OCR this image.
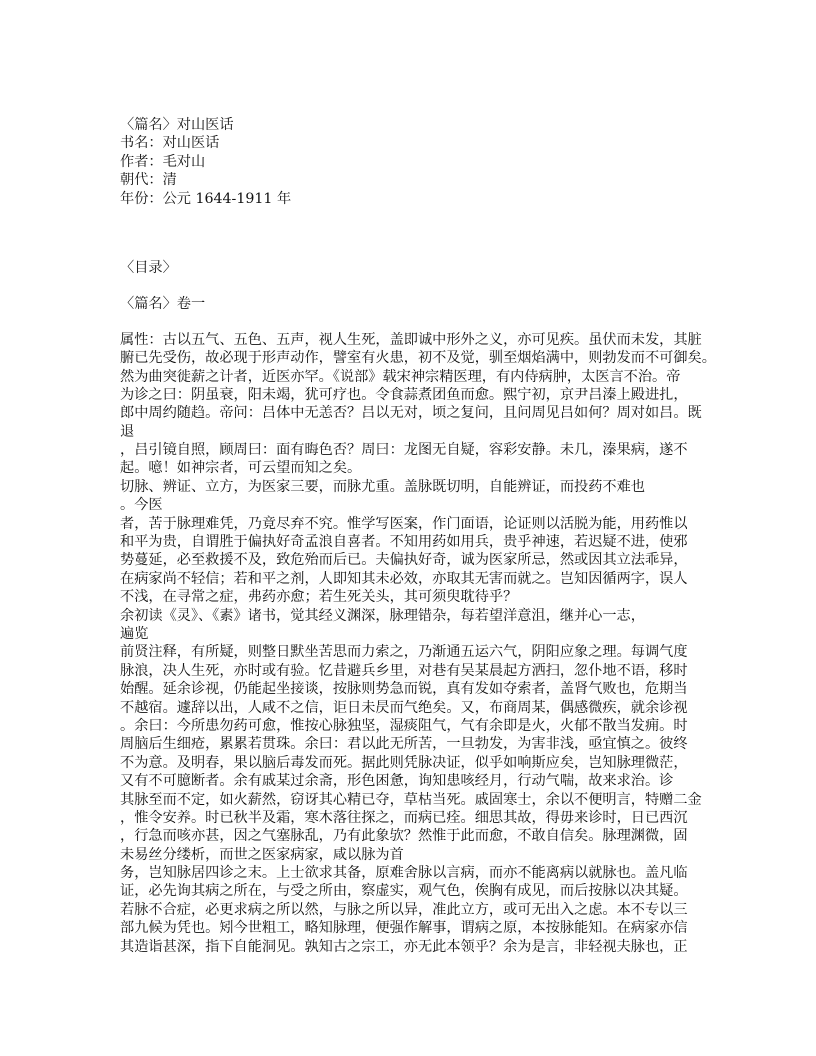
〈篇名〉对山医话
书名：对山医话
作者：毛对山
朝代：清
年份：公元 1644-1911 年
〈目录〉
〈篇名〉卷一
属性：古以五气、五色、五声，视人生死，盖即诚中形外之义，亦可见疾。虽伏而未发，其脏
腑已先受伤，故必现于形声动作，譬室有火患，初不及觉，驯至烟焰满中，则勃发而不可御矣。
然为曲突徙薪之计者，近医亦罕。《说部》载宋神宗精医理，有内侍病肿，太医言不治。帝
为诊之曰：阴虽衰，阳未竭，犹可疗也。令食蒜煮团鱼而愈。熙宁初，京尹吕溱上殿进扎，
郎中周约随趋。帝问：吕体中无恙否？吕以无对，顷之复问，且问周见吕如何？周对如吕。既
退
，吕引镜自照，顾周曰：面有晦色否？周曰：龙图无自疑，容彩安静。未几，溱果病，遂不
起。噫！如神宗者，可云望而知之矣。
切脉、辨证、立方，为医家三要，而脉尤重。盖脉既切明，自能辨证，而投药不难也
。今医
者，苦于脉理难凭，乃竟尽弃不究。惟学写医案，作门面语，论证则以活脱为能，用药惟以
和平为贵，自谓胜于偏执好奇孟浪自喜者。不知用药如用兵，贵乎神速，若迟疑不进，使邪
势蔓延，必至救援不及，致危殆而后已。夫偏执好奇，诚为医家所忌，然或因其立法乖异，
在病家尚不轻信；若和平之剂，人即知其未必效，亦取其无害而就之。岂知因循两字，误人
不浅，在寻常之症，弗药亦愈；若生死关头，其可须臾耽待乎？
余初读《灵》、《素》诸书，觉其经义渊深，脉理错杂，每若望洋意沮，继并心一志，
遍览
前贤注释，有所疑，则整日默坐苦思而力索之，乃渐通五运六气，阴阳应象之理。每调气度
脉浪，决人生死，亦时或有验。忆昔避兵乡里，对巷有吴某晨起方洒扫，忽仆地不语，移时
始醒。延余诊视，仍能起坐接谈，按脉则势急而锐，真有发如夺索者，盖肾气败也，危期当
不越宿。遽辞以出，人咸不之信，讵日未昃而气绝矣。又，布商周某，偶感微疾，就余诊视
。余曰：今所患勿药可愈，惟按心脉独坚，湿痰阻气，气有余即是火，火郁不散当发痈。时
周脑后生细疮，累累若贯珠。余曰：君以此无所苦，一旦勃发，为害非浅，亟宜慎之。彼终
不为意。及明春，果以脑后毒发而死。据此则凭脉决证，似乎如响斯应矣，岂知脉理微茫，
又有不可臆断者。余有戚某过余斋，形色困惫，询知患咳经月，行动气喘，故来求治。诊
其脉至而不定，如火薪然，窃讶其心精已夺，草枯当死。戚固寒士，余以不便明言，特赠二金
，惟令安养。时已秋半及霜，寒木落往探之，而病已痊。细思其故，得毋来诊时，日已西沉
，行急而咳亦甚，因之气塞脉乱，乃有此象欤？然惟于此而愈，不敢自信矣。脉理渊微，固
未易丝分缕析，而世之医家病家，咸以脉为首
务，岂知脉居四诊之末。上士欲求其备，原难舍脉以言病，而亦不能离病以就脉也。盖凡临
证，必先询其病之所在，与受之所由，察虚实，观气色，俟胸有成见，而后按脉以决其疑。
若脉不合症，必更求病之所以然，与脉之所以异，准此立方，或可无出入之虑。本不专以三
部九候为凭也。矧今世粗工，略知脉理，便强作解事，谓病之原，本按脉能知。在病家亦信
其造诣甚深，指下自能洞见。孰知古之宗工，亦无此本领乎？余为是言，非轻视夫脉也，正
